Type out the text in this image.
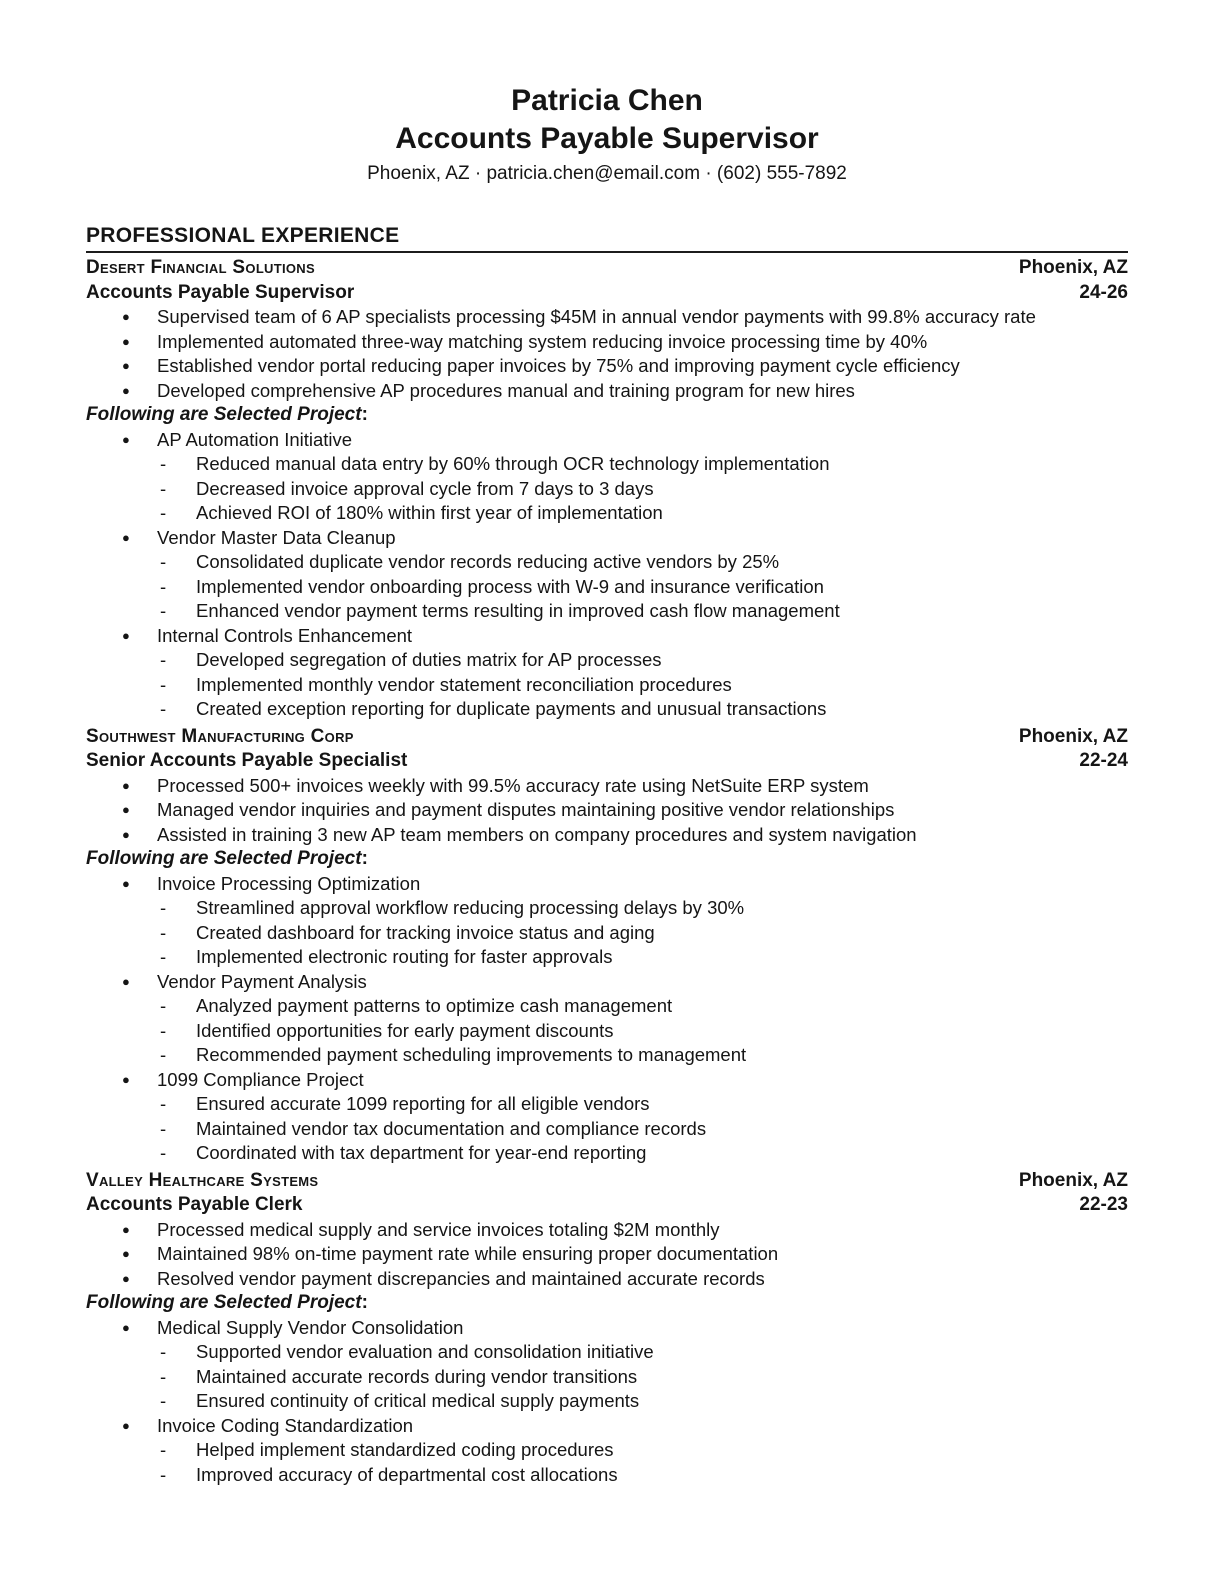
Patricia Chen
Accounts Payable Supervisor
Phoenix, AZ · patricia.chen@email.com · (602) 555-7892
PROFESSIONAL EXPERIENCE
Desert Financial Solutions	Phoenix, AZ
Accounts Payable Supervisor	24-26
●	Supervised team of 6 AP specialists processing $45M in annual vendor payments with 99.8% accuracy rate
●	Implemented automated three-way matching system reducing invoice processing time by 40%
●	Established vendor portal reducing paper invoices by 75% and improving payment cycle efficiency
●	Developed comprehensive AP procedures manual and training program for new hires
Following are Selected Project:
●	AP Automation Initiative
-	Reduced manual data entry by 60% through OCR technology implementation
-	Decreased invoice approval cycle from 7 days to 3 days
-	Achieved ROI of 180% within first year of implementation
●	Vendor Master Data Cleanup
-	Consolidated duplicate vendor records reducing active vendors by 25%
-	Implemented vendor onboarding process with W-9 and insurance verification
-	Enhanced vendor payment terms resulting in improved cash flow management
●	Internal Controls Enhancement
-	Developed segregation of duties matrix for AP processes
-	Implemented monthly vendor statement reconciliation procedures
-	Created exception reporting for duplicate payments and unusual transactions
Southwest Manufacturing Corp	Phoenix, AZ
Senior Accounts Payable Specialist	22-24
●	Processed 500+ invoices weekly with 99.5% accuracy rate using NetSuite ERP system
●	Managed vendor inquiries and payment disputes maintaining positive vendor relationships
●	Assisted in training 3 new AP team members on company procedures and system navigation
Following are Selected Project:
●	Invoice Processing Optimization
-	Streamlined approval workflow reducing processing delays by 30%
-	Created dashboard for tracking invoice status and aging
-	Implemented electronic routing for faster approvals
●	Vendor Payment Analysis
-	Analyzed payment patterns to optimize cash management
-	Identified opportunities for early payment discounts
-	Recommended payment scheduling improvements to management
●	1099 Compliance Project
-	Ensured accurate 1099 reporting for all eligible vendors
-	Maintained vendor tax documentation and compliance records
-	Coordinated with tax department for year-end reporting
Valley Healthcare Systems	Phoenix, AZ
Accounts Payable Clerk	22-23
●	Processed medical supply and service invoices totaling $2M monthly
●	Maintained 98% on-time payment rate while ensuring proper documentation
●	Resolved vendor payment discrepancies and maintained accurate records
Following are Selected Project:
●	Medical Supply Vendor Consolidation
-	Supported vendor evaluation and consolidation initiative
-	Maintained accurate records during vendor transitions
-	Ensured continuity of critical medical supply payments
●	Invoice Coding Standardization
-	Helped implement standardized coding procedures
-	Improved accuracy of departmental cost allocations
